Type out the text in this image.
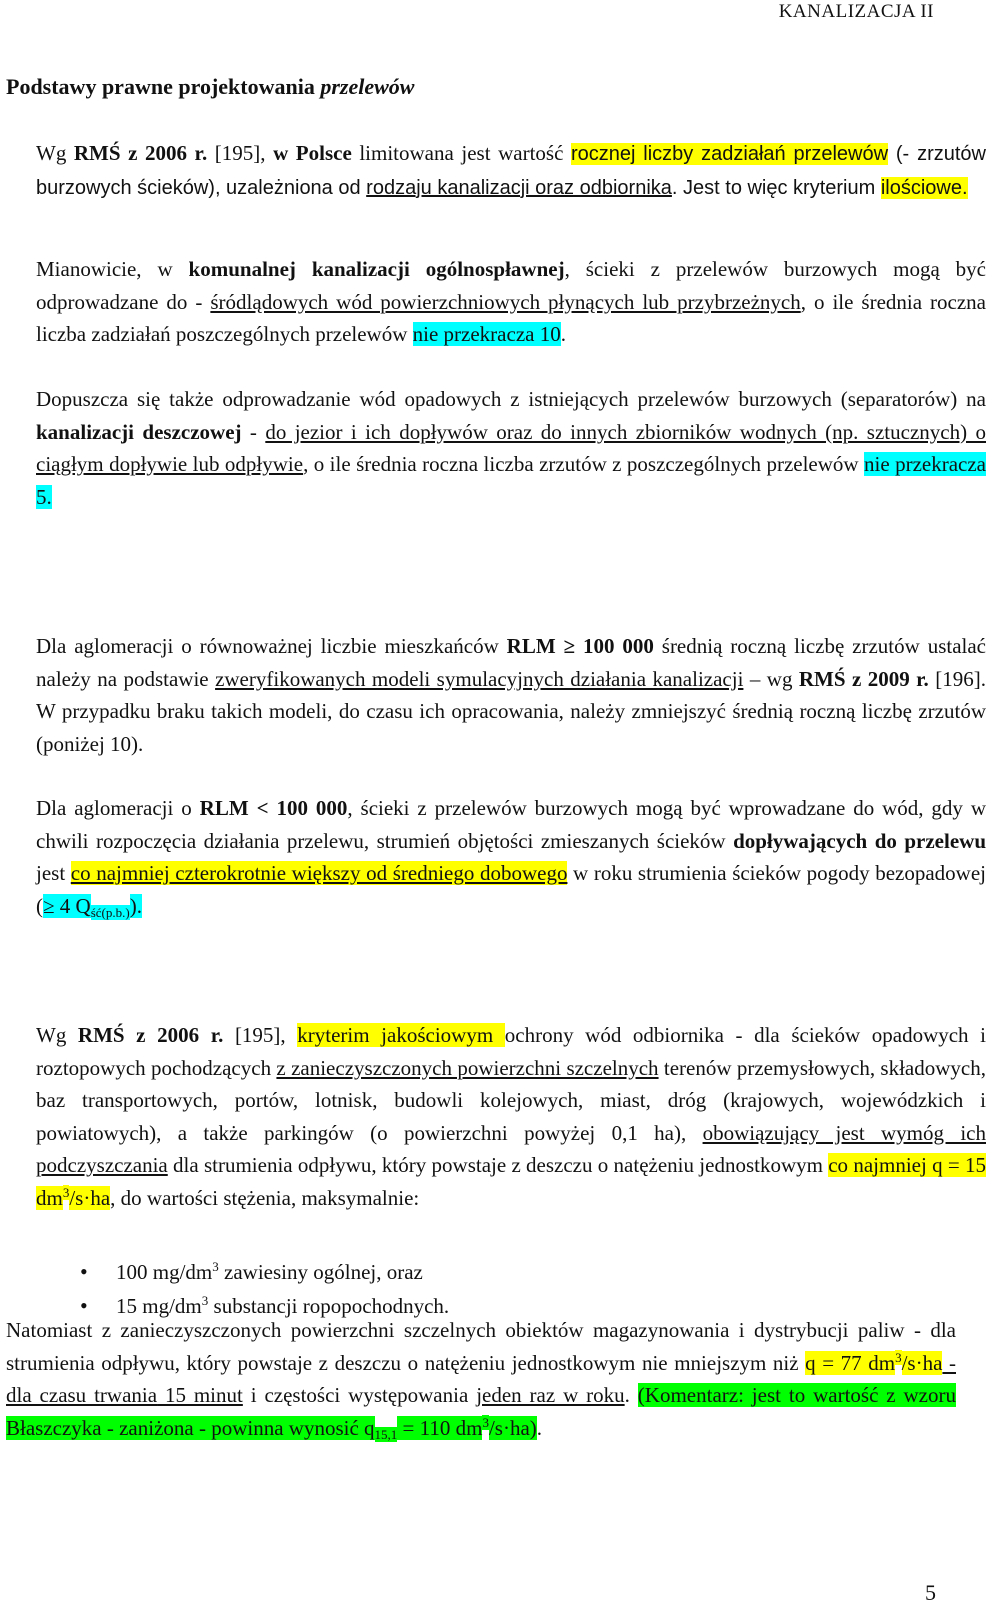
KANALIZACJA II
Podstawy prawne projektowania przelewów

Wg RMŚ z 2006 r. [195], w Polsce limitowana jest wartość rocznej liczby zadziałań przelewów (- zrzutów burzowych ścieków), uzależniona od rodzaju kanalizacji oraz odbiornika. Jest to więc kryterium ilościowe.

Mianowicie, w komunalnej kanalizacji ogólnospławnej, ścieki z przelewów burzowych mogą być odprowadzane do - śródlądowych wód powierzchniowych płynących lub przybrzeżnych, o ile średnia roczna liczba zadziałań poszczególnych przelewów nie przekracza 10.

Dopuszcza się także odprowadzanie wód opadowych z istniejących przelewów burzowych (separatorów) na kanalizacji deszczowej - do jezior i ich dopływów oraz do innych zbiorników wodnych (np. sztucznych) o ciągłym dopływie lub odpływie, o ile średnia roczna liczba zrzutów z poszczególnych przelewów nie przekracza 5.

Dla aglomeracji o równoważnej liczbie mieszkańców RLM ≥ 100 000 średnią roczną liczbę zrzutów ustalać należy na podstawie zweryfikowanych modeli symulacyjnych działania kanalizacji – wg RMŚ z 2009 r. [196]. W przypadku braku takich modeli, do czasu ich opracowania, należy zmniejszyć średnią roczną liczbę zrzutów (poniżej 10).

Dla aglomeracji o RLM < 100 000, ścieki z przelewów burzowych mogą być wprowadzane do wód, gdy w chwili rozpoczęcia działania przelewu, strumień objętości zmieszanych ścieków dopływających do przelewu jest co najmniej czterokrotnie większy od średniego dobowego w roku strumienia ścieków pogody bezopadowej (≥ 4 $Q_{ść(p.b.)}$).

Wg RMŚ z 2006 r. [195], kryterim jakościowym ochrony wód odbiornika - dla ścieków opadowych i roztopowych pochodzących z zanieczyszczonych powierzchni szczelnych terenów przemysłowych, składowych, baz transportowych, portów, lotnisk, budowli kolejowych, miast, dróg (krajowych, wojewódzkich i powiatowych), a także parkingów (o powierzchni powyżej 0,1 ha), obowiązujący jest wymóg ich podczyszczania dla strumienia odpływu, który powstaje z deszczu o natężeniu jednostkowym co najmniej q = 15 $dm^3/s\cdot ha$, do wartości stężenia, maksymalnie:

• 100 $mg/dm^3$ zawiesiny ogólnej, oraz
• 15 $mg/dm^3$ substancji ropopochodnych.

Natomiast z zanieczyszczonych powierzchni szczelnych obiektów magazynowania i dystrybucji paliw - dla strumienia odpływu, który powstaje z deszczu o natężeniu jednostkowym nie mniejszym niż q = 77 $dm^3/s\cdot ha$ - dla czasu trwania 15 minut i częstości występowania jeden raz w roku. (Komentarz: jest to wartość z wzoru Błaszczyka - zaniżona - powinna wynosić $q_{15,1} = 110$ $dm^3/s\cdot ha$).

5
